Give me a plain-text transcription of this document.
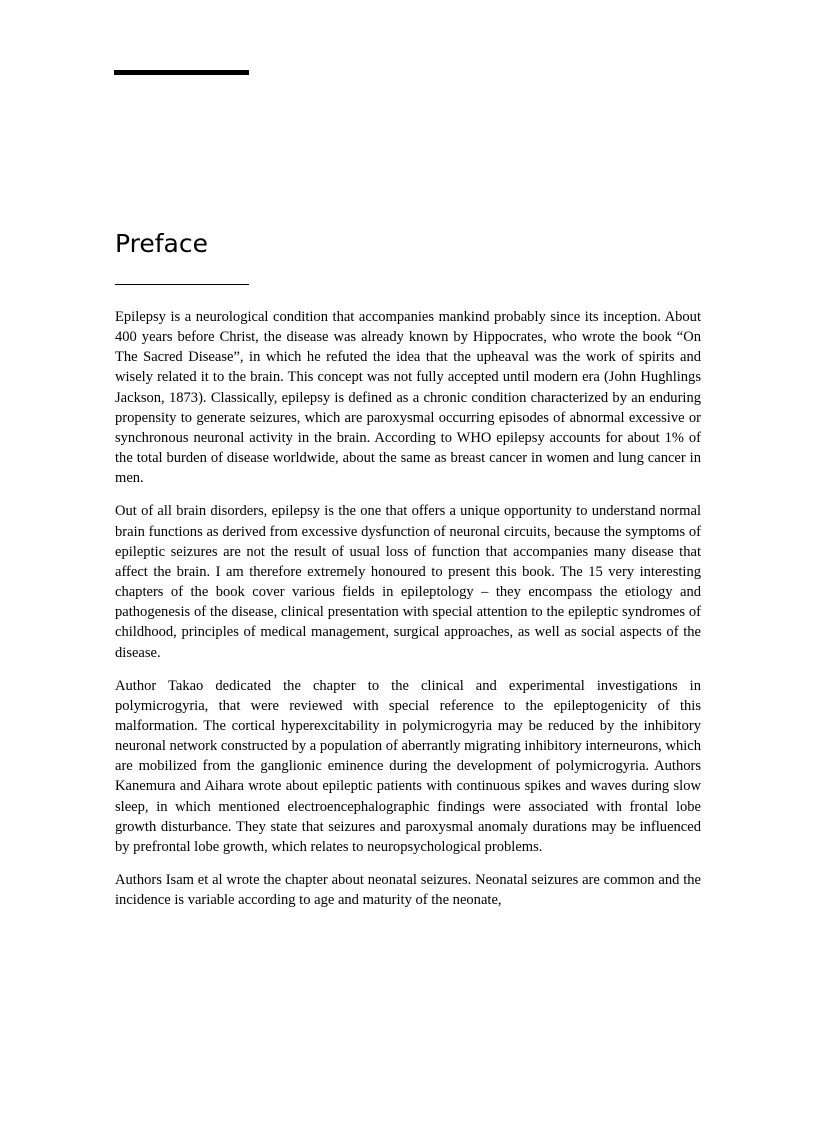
Preface

Epilepsy is a neurological condition that accompanies mankind probably since its inception. About 400 years before Christ, the disease was already known by Hippocrates, who wrote the book “On The Sacred Disease”, in which he refuted the idea that the upheaval was the work of spirits and wisely related it to the brain. This concept was not fully accepted until modern era (John Hughlings Jackson, 1873). Classically, epilepsy is defined as a chronic condition characterized by an enduring propensity to generate seizures, which are paroxysmal occurring episodes of abnormal excessive or synchronous neuronal activity in the brain. According to WHO epilepsy accounts for about 1% of the total burden of disease worldwide, about the same as breast cancer in women and lung cancer in men.

Out of all brain disorders, epilepsy is the one that offers a unique opportunity to understand normal brain functions as derived from excessive dysfunction of neuronal circuits, because the symptoms of epileptic seizures are not the result of usual loss of function that accompanies many disease that affect the brain. I am therefore extremely honoured to present this book. The 15 very interesting chapters of the book cover various fields in epileptology – they encompass the etiology and pathogenesis of the disease, clinical presentation with special attention to the epileptic syndromes of childhood, principles of medical management, surgical approaches, as well as social aspects of the disease.

Author Takao dedicated the chapter to the clinical and experimental investigations in polymicrogyria, that were reviewed with special reference to the epileptogenicity of this malformation. The cortical hyperexcitability in polymicrogyria may be reduced by the inhibitory neuronal network constructed by a population of aberrantly migrating inhibitory interneurons, which are mobilized from the ganglionic eminence during the development of polymicrogyria. Authors Kanemura and Aihara wrote about epileptic patients with continuous spikes and waves during slow sleep, in which mentioned electroencephalographic findings were associated with frontal lobe growth disturbance. They state that seizures and paroxysmal anomaly durations may be influenced by prefrontal lobe growth, which relates to neuropsychological problems.

Authors Isam et al wrote the chapter about neonatal seizures. Neonatal seizures are common and the incidence is variable according to age and maturity of the neonate,
